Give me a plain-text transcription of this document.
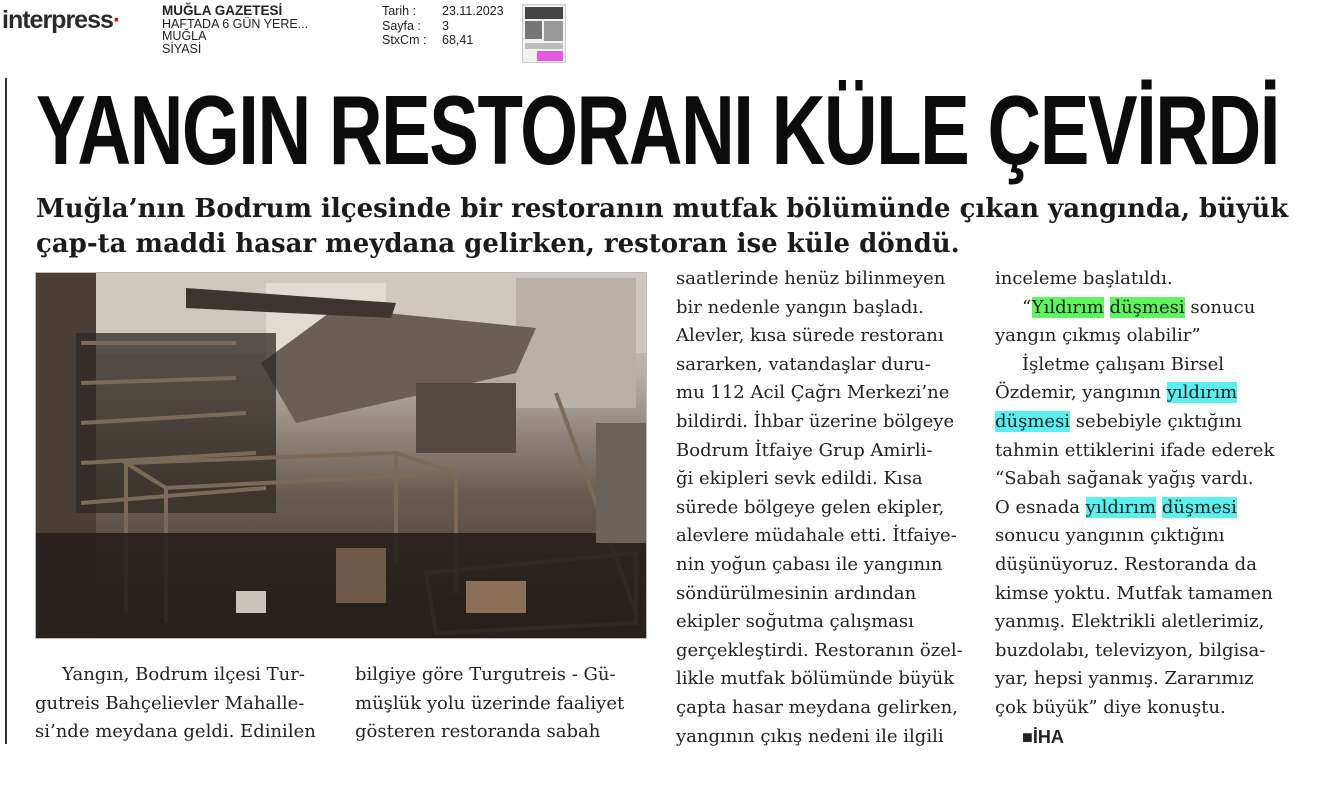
interpress·	MUĞLA GAZETESİ
HAFTADA 6 GÜN YERE...
MUĞLA
SİYASİ
Tarih :	23.11.2023
Sayfa :	3
StxCm :	68,41
YANGIN RESTORANI KÜLE ÇEVİRDİ

Muğla’nın Bodrum ilçesinde bir restoranın mutfak bölümünde çıkan yangında, büyük çap-ta maddi hasar meydana gelirken, restoran ise küle döndü.

Yangın, Bodrum ilçesi Tur-

gutreis Bahçelievler Mahalle-

si’nde meydana geldi. Edinilen

bilgiye göre Turgutreis - Gü-

müşlük yolu üzerinde faaliyet

gösteren restoranda sabah

saatlerinde henüz bilinmeyen

bir nedenle yangın başladı.

Alevler, kısa sürede restoranı

sararken, vatandaşlar duru-

mu 112 Acil Çağrı Merkezi’ne

bildirdi. İhbar üzerine bölgeye

Bodrum İtfaiye Grup Amirli-

ği ekipleri sevk edildi. Kısa

sürede bölgeye gelen ekipler,

alevlere müdahale etti. İtfaiye-

nin yoğun çabası ile yangının

söndürülmesinin ardından

ekipler soğutma çalışması

gerçekleştirdi. Restoranın özel-

likle mutfak bölümünde büyük

çapta hasar meydana gelirken,

yangının çıkış nedeni ile ilgili

inceleme başlatıldı.

“Yıldırım düşmesi sonucu

yangın çıkmış olabilir”

İşletme çalışanı Birsel

Özdemir, yangının yıldırım

düşmesi sebebiyle çıktığını

tahmin ettiklerini ifade ederek

“Sabah sağanak yağış vardı.

O esnada yıldırım düşmesi

sonucu yangının çıktığını

düşünüyoruz. Restoranda da

kimse yoktu. Mutfak tamamen

yanmış. Elektrikli aletlerimiz,

buzdolabı, televizyon, bilgisa-

yar, hepsi yanmış. Zararımız

çok büyük” diye konuştu.

■İHA
